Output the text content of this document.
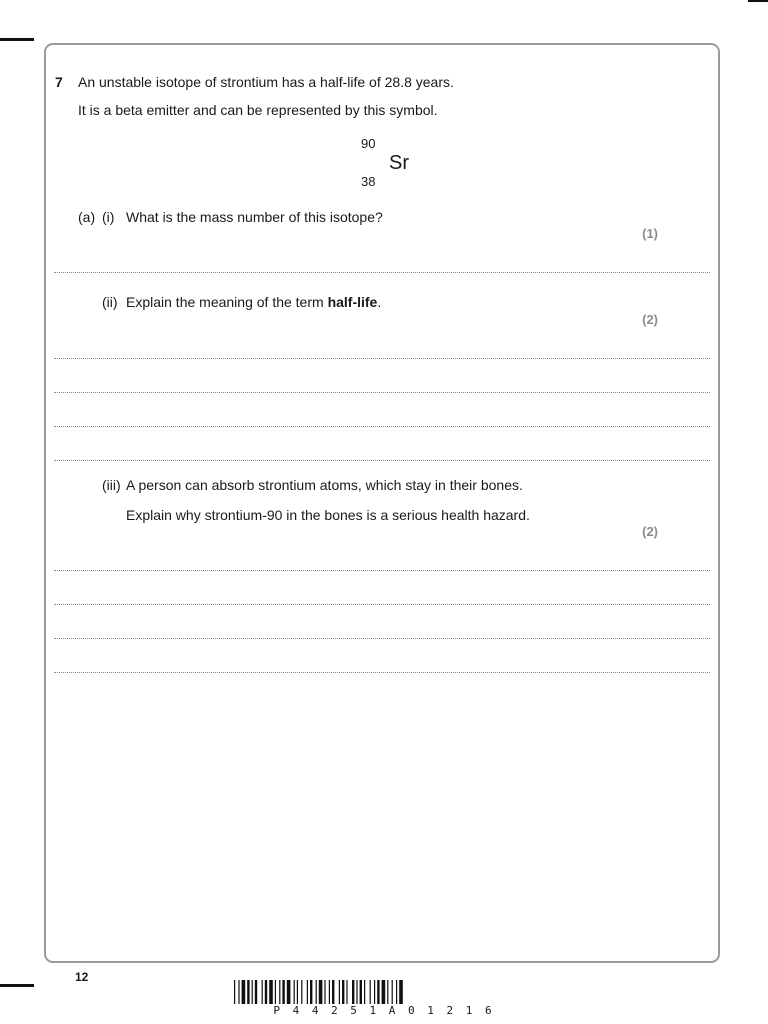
7 An unstable isotope of strontium has a half-life of 28.8 years.
It is a beta emitter and can be represented by this symbol.
90
Sr
38
(a) (i) What is the mass number of this isotope?
(1)
(ii) Explain the meaning of the term half-life.
(2)
(iii) A person can absorb strontium atoms, which stay in their bones.
Explain why strontium-90 in the bones is a serious health hazard.
(2)
12
P 4 4 2 5 1 A 0 1 2 1 6
